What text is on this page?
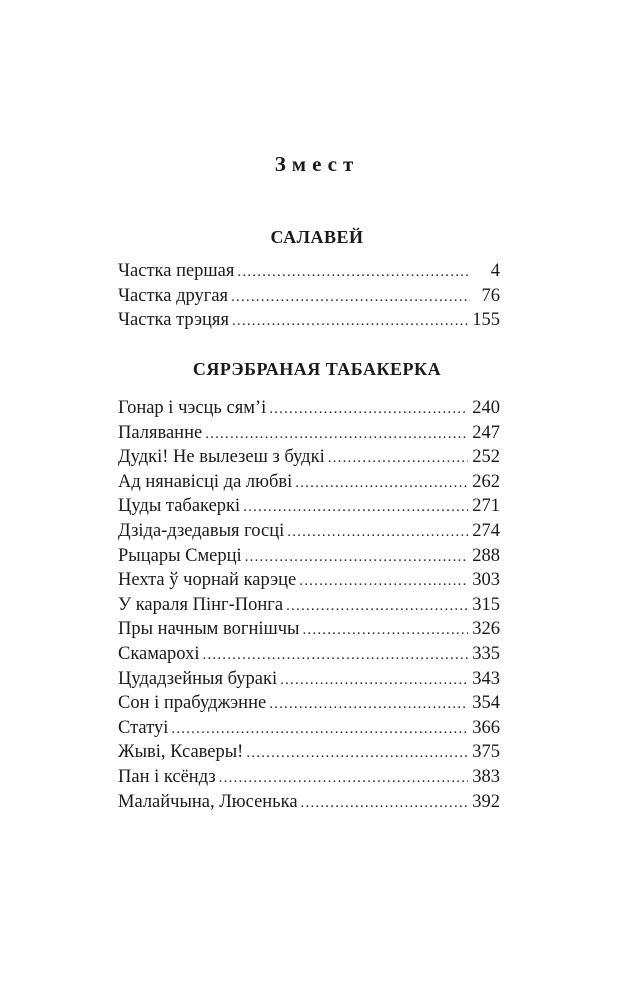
Змест
САЛАВЕЙ
Частка першая .....	4
Частка другая .....	76
Частка трэцяя .....	155
СЯРЭБРАНАЯ ТАБАКЕРКА
Гонар і чэсць сям’і .....	240
Паляванне .....	247
Дудкі! Не вылезеш з будкі .....	252
Ад нянавісці да любві .....	262
Цуды табакеркі .....	271
Дзіда-дзедавыя госці .....	274
Рыцары Смерці .....	288
Нехта ў чорнай карэце .....	303
У караля Пінг-Понга .....	315
Пры начным вогнішчы .....	326
Скамарохі .....	335
Цудадзейныя буракі .....	343
Сон і прабуджэнне .....	354
Статуі .....	366
Жыві, Ксаверы! .....	375
Пан і ксёндз .....	383
Малайчына, Люсенька .....	392
